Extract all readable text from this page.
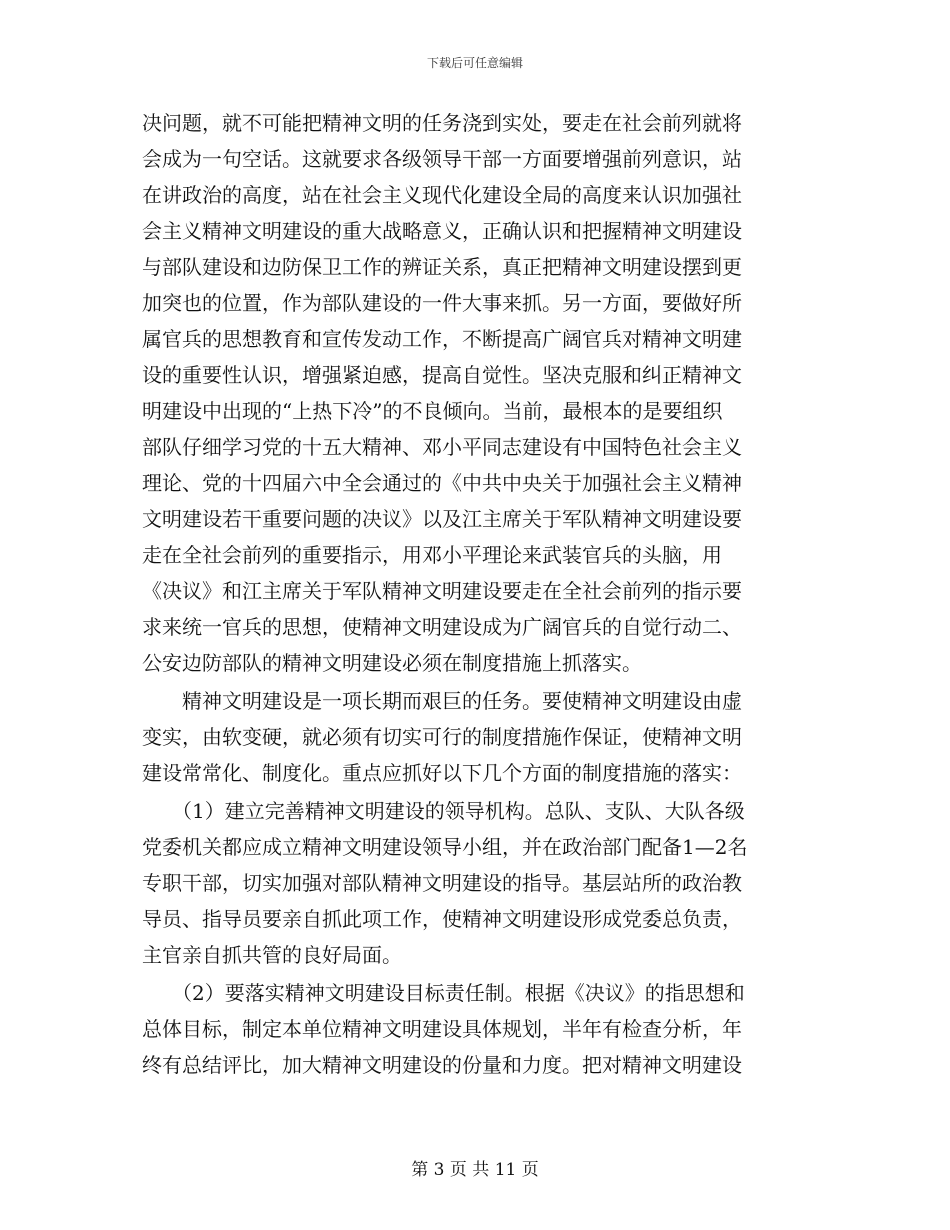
下载后可任意编辑
决问题，就不可能把精神文明的任务浇到实处，要走在社会前列就将
会成为一句空话。这就要求各级领导干部一方面要增强前列意识，站
在讲政治的高度，站在社会主义现代化建设全局的高度来认识加强社
会主义精神文明建设的重大战略意义，正确认识和把握精神文明建设
与部队建设和边防保卫工作的辨证关系，真正把精神文明建设摆到更
加突也的位置，作为部队建设的一件大事来抓。另一方面，要做好所
属官兵的思想教育和宣传发动工作，不断提高广阔官兵对精神文明建
设的重要性认识，增强紧迫感，提高自觉性。坚决克服和纠正精神文
明建设中出现的“上热下冷”的不良倾向。当前，最根本的是要组织
部队仔细学习党的十五大精神、邓小平同志建设有中国特色社会主义
理论、党的十四届六中全会通过的《中共中央关于加强社会主义精神
文明建设若干重要问题的决议》以及江主席关于军队精神文明建设要
走在全社会前列的重要指示，用邓小平理论来武装官兵的头脑，用
《决议》和江主席关于军队精神文明建设要走在全社会前列的指示要
求来统一官兵的思想，使精神文明建设成为广阔官兵的自觉行动二、
公安边防部队的精神文明建设必须在制度措施上抓落实。
　　精神文明建设是一项长期而艰巨的任务。要使精神文明建设由虚
变实，由软变硬，就必须有切实可行的制度措施作保证，使精神文明
建设常常化、制度化。重点应抓好以下几个方面的制度措施的落实：
　　（1）建立完善精神文明建设的领导机构。总队、支队、大队各级
党委机关都应成立精神文明建设领导小组，并在政治部门配备1—2名
专职干部，切实加强对部队精神文明建设的指导。基层站所的政治教
导员、指导员要亲自抓此项工作，使精神文明建设形成党委总负责，
主官亲自抓共管的良好局面。
　　（2）要落实精神文明建设目标责任制。根据《决议》的指思想和
总体目标，制定本单位精神文明建设具体规划，半年有检查分析，年
终有总结评比，加大精神文明建设的份量和力度。把对精神文明建设
第 3 页 共 11 页
